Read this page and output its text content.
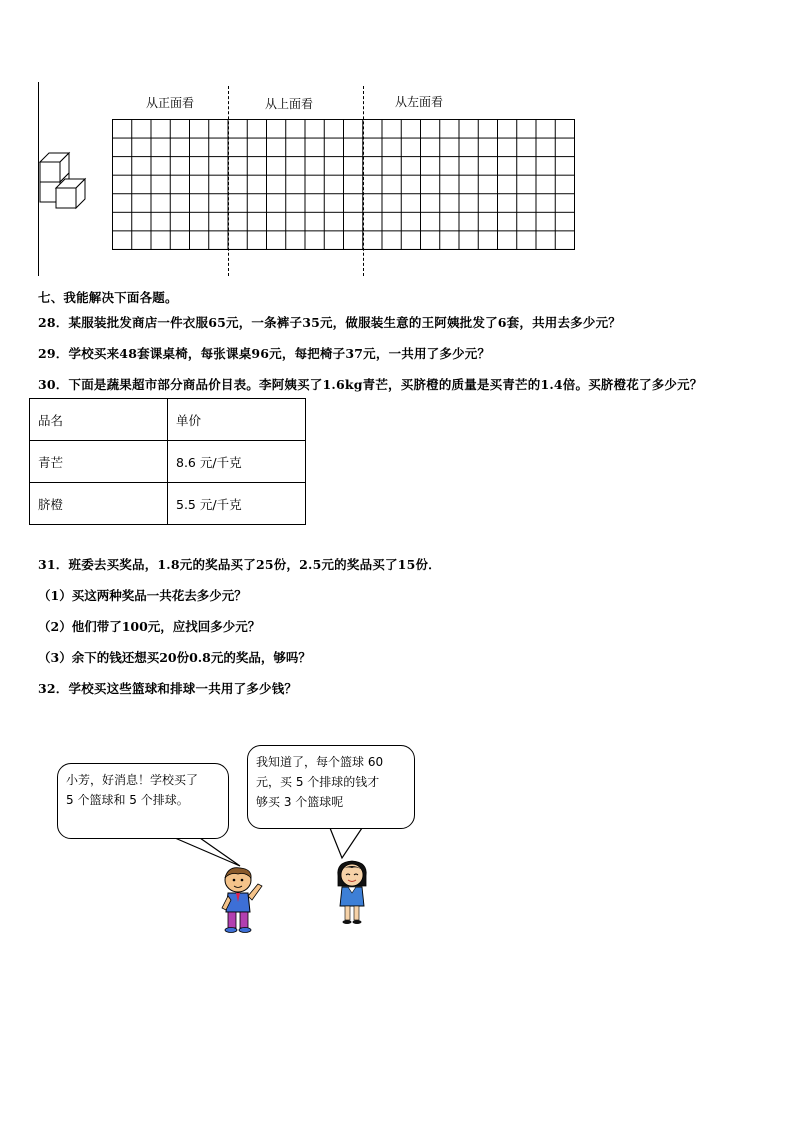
从正面看	从上面看	从左面看
七、我能解决下面各题。
28．某服装批发商店一件衣服65元，一条裤子35元，做服装生意的王阿姨批发了6套，共用去多少元？
29．学校买来48套课桌椅，每张课桌96元，每把椅子37元，一共用了多少元？
30．下面是蔬果超市部分商品价目表。李阿姨买了1.6kg青芒，买脐橙的质量是买青芒的1.4倍。买脐橙花了多少元？
品名	单价
青芒	8.6 元/千克
脐橙	5.5 元/千克
31．班委去买奖品，1.8元的奖品买了25份，2.5元的奖品买了15份．
（1）买这两种奖品一共花去多少元？
（2）他们带了100元，应找回多少元？
（3）余下的钱还想买20份0.8元的奖品，够吗？
32．学校买这些篮球和排球一共用了多少钱？
小芳，好消息！学校买了
5 个篮球和 5 个排球。
我知道了，每个篮球 60
元，买 5 个排球的钱才
够买 3 个篮球呢
